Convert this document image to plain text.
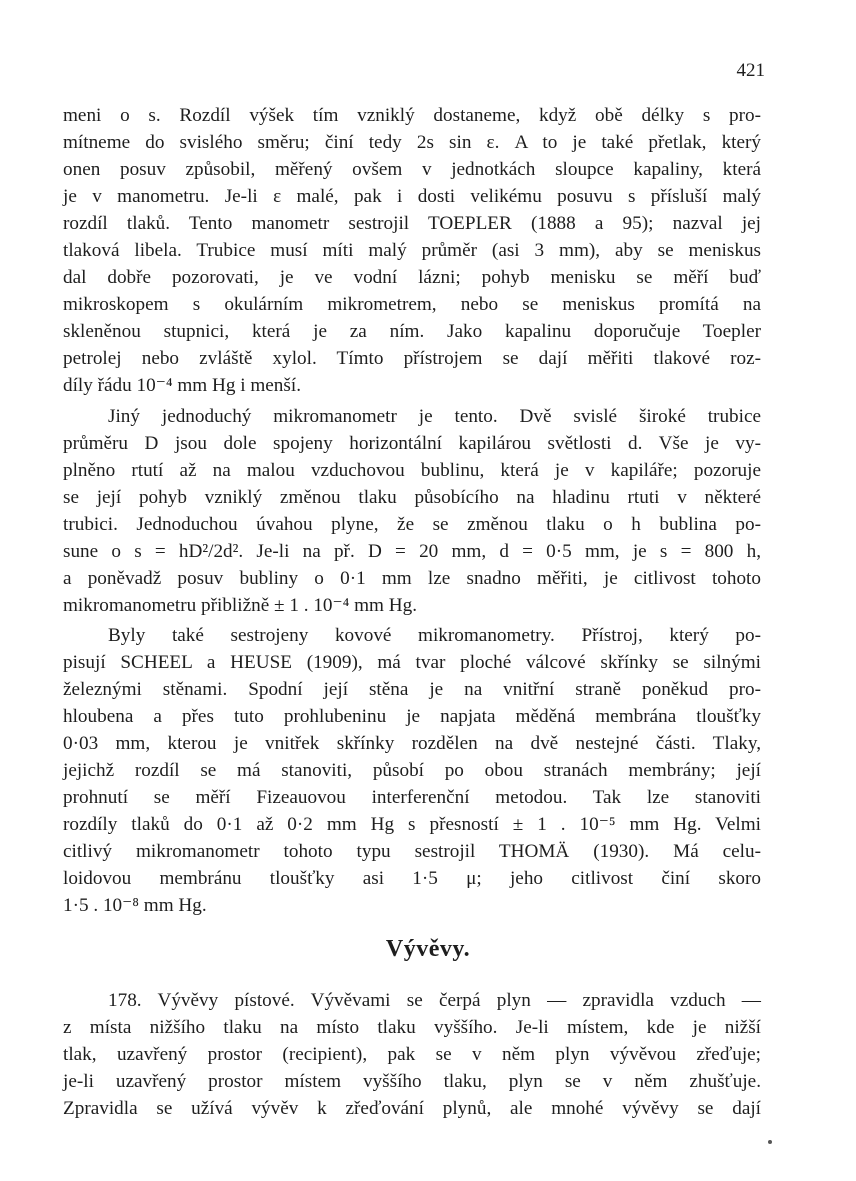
421
meni o s. Rozdíl výšek tím vzniklý dostaneme, když obě délky s pro-
mítneme do svislého směru; činí tedy 2s sin ε. A to je také přetlak, který
onen posuv způsobil, měřený ovšem v jednotkách sloupce kapaliny, která
je v manometru. Je-li ε malé, pak i dosti velikému posuvu s přísluší malý
rozdíl tlaků. Tento manometr sestrojil TOEPLER (1888 a 95); nazval jej
tlaková libela. Trubice musí míti malý průměr (asi 3 mm), aby se meniskus
dal dobře pozorovati, je ve vodní lázni; pohyb menisku se měří buď
mikroskopem s okulárním mikrometrem, nebo se meniskus promítá na
skleněnou stupnici, která je za ním. Jako kapalinu doporučuje Toepler
petrolej nebo zvláště xylol. Tímto přístrojem se dají měřiti tlakové roz-
díly řádu 10⁻⁴ mm Hg i menší.
Jiný jednoduchý mikromanometr je tento. Dvě svislé široké trubice
průměru D jsou dole spojeny horizontální kapilárou světlosti d. Vše je vy-
plněno rtutí až na malou vzduchovou bublinu, která je v kapiláře; pozoruje
se její pohyb vzniklý změnou tlaku působícího na hladinu rtuti v některé
trubici. Jednoduchou úvahou plyne, že se změnou tlaku o h bublina po-
sune o s = hD²/2d². Je-li na př. D = 20 mm, d = 0·5 mm, je s = 800 h,
a poněvadž posuv bubliny o 0·1 mm lze snadno měřiti, je citlivost tohoto
mikromanometru přibližně ± 1 . 10⁻⁴ mm Hg.
Byly také sestrojeny kovové mikromanometry. Přístroj, který po-
pisují SCHEEL a HEUSE (1909), má tvar ploché válcové skřínky se silnými
železnými stěnami. Spodní její stěna je na vnitřní straně poněkud pro-
hloubena a přes tuto prohlubeninu je napjata měděná membrána tloušťky
0·03 mm, kterou je vnitřek skřínky rozdělen na dvě nestejné části. Tlaky,
jejichž rozdíl se má stanoviti, působí po obou stranách membrány; její
prohnutí se měří Fizeauovou interferenční metodou. Tak lze stanoviti
rozdíly tlaků do 0·1 až 0·2 mm Hg s přesností ± 1 . 10⁻⁵ mm Hg. Velmi
citlivý mikromanometr tohoto typu sestrojil THOMÄ (1930). Má celu-
loidovou membránu tloušťky asi 1·5 μ; jeho citlivost činí skoro
1·5 . 10⁻⁸ mm Hg.
Vývěvy.
178. Vývěvy pístové. Vývěvami se čerpá plyn — zpravidla vzduch —
z místa nižšího tlaku na místo tlaku vyššího. Je-li místem, kde je nižší
tlak, uzavřený prostor (recipient), pak se v něm plyn vývěvou zřeďuje;
je-li uzavřený prostor místem vyššího tlaku, plyn se v něm zhušťuje.
Zpravidla se užívá vývěv k zřeďování plynů, ale mnohé vývěvy se dají
